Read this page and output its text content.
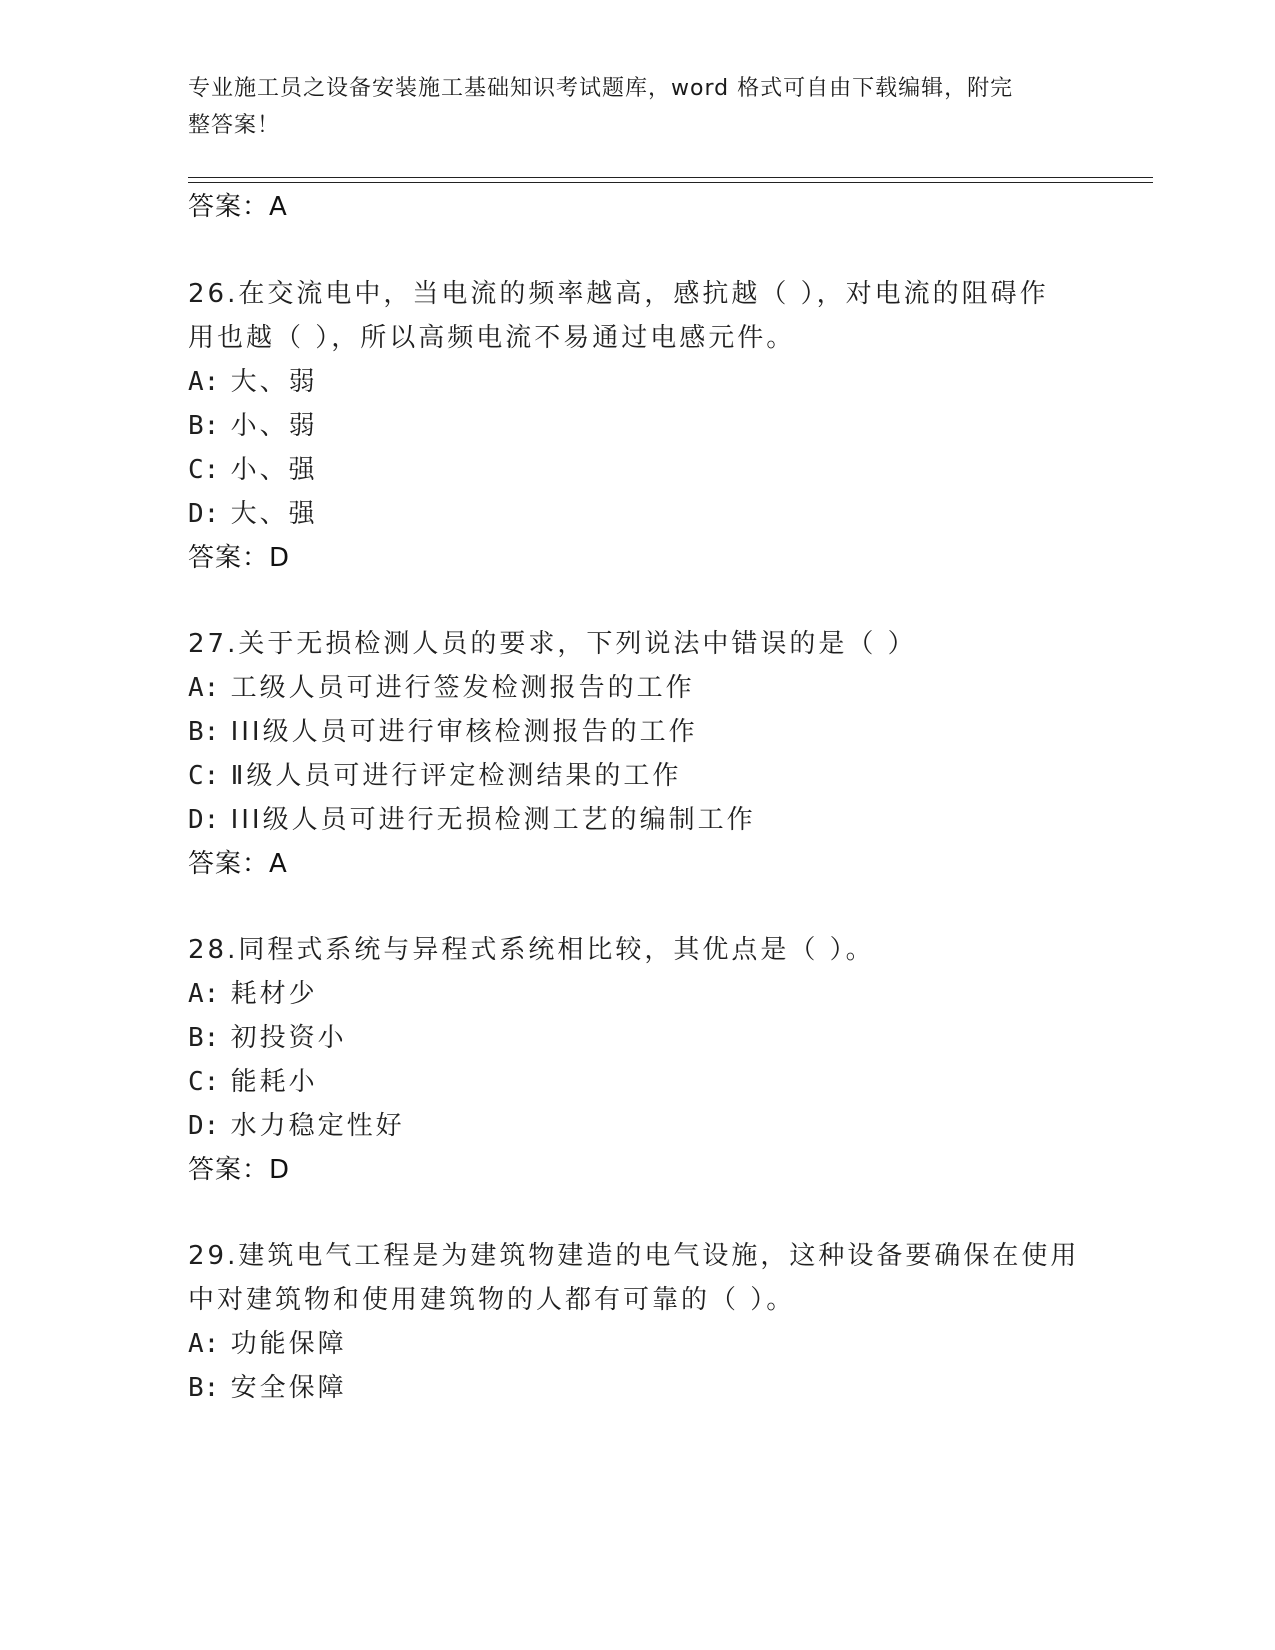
专业施工员之设备安装施工基础知识考试题库，word 格式可自由下载编辑，附完
整答案！
答案：A
26.在交流电中，当电流的频率越高，感抗越（ ），对电流的阻碍作
用也越（ ），所以高频电流不易通过电感元件。
A: 大、弱
B: 小、弱
C: 小、强
D: 大、强
答案：D
27.关于无损检测人员的要求，下列说法中错误的是（ ）
A: 工级人员可进行签发检测报告的工作
B: III级人员可进行审核检测报告的工作
C: Ⅱ级人员可进行评定检测结果的工作
D: III级人员可进行无损检测工艺的编制工作
答案：A
28.同程式系统与异程式系统相比较，其优点是（ ）。
A: 耗材少
B: 初投资小
C: 能耗小
D: 水力稳定性好
答案：D
29.建筑电气工程是为建筑物建造的电气设施，这种设备要确保在使用
中对建筑物和使用建筑物的人都有可靠的（ ）。
A: 功能保障
B: 安全保障
